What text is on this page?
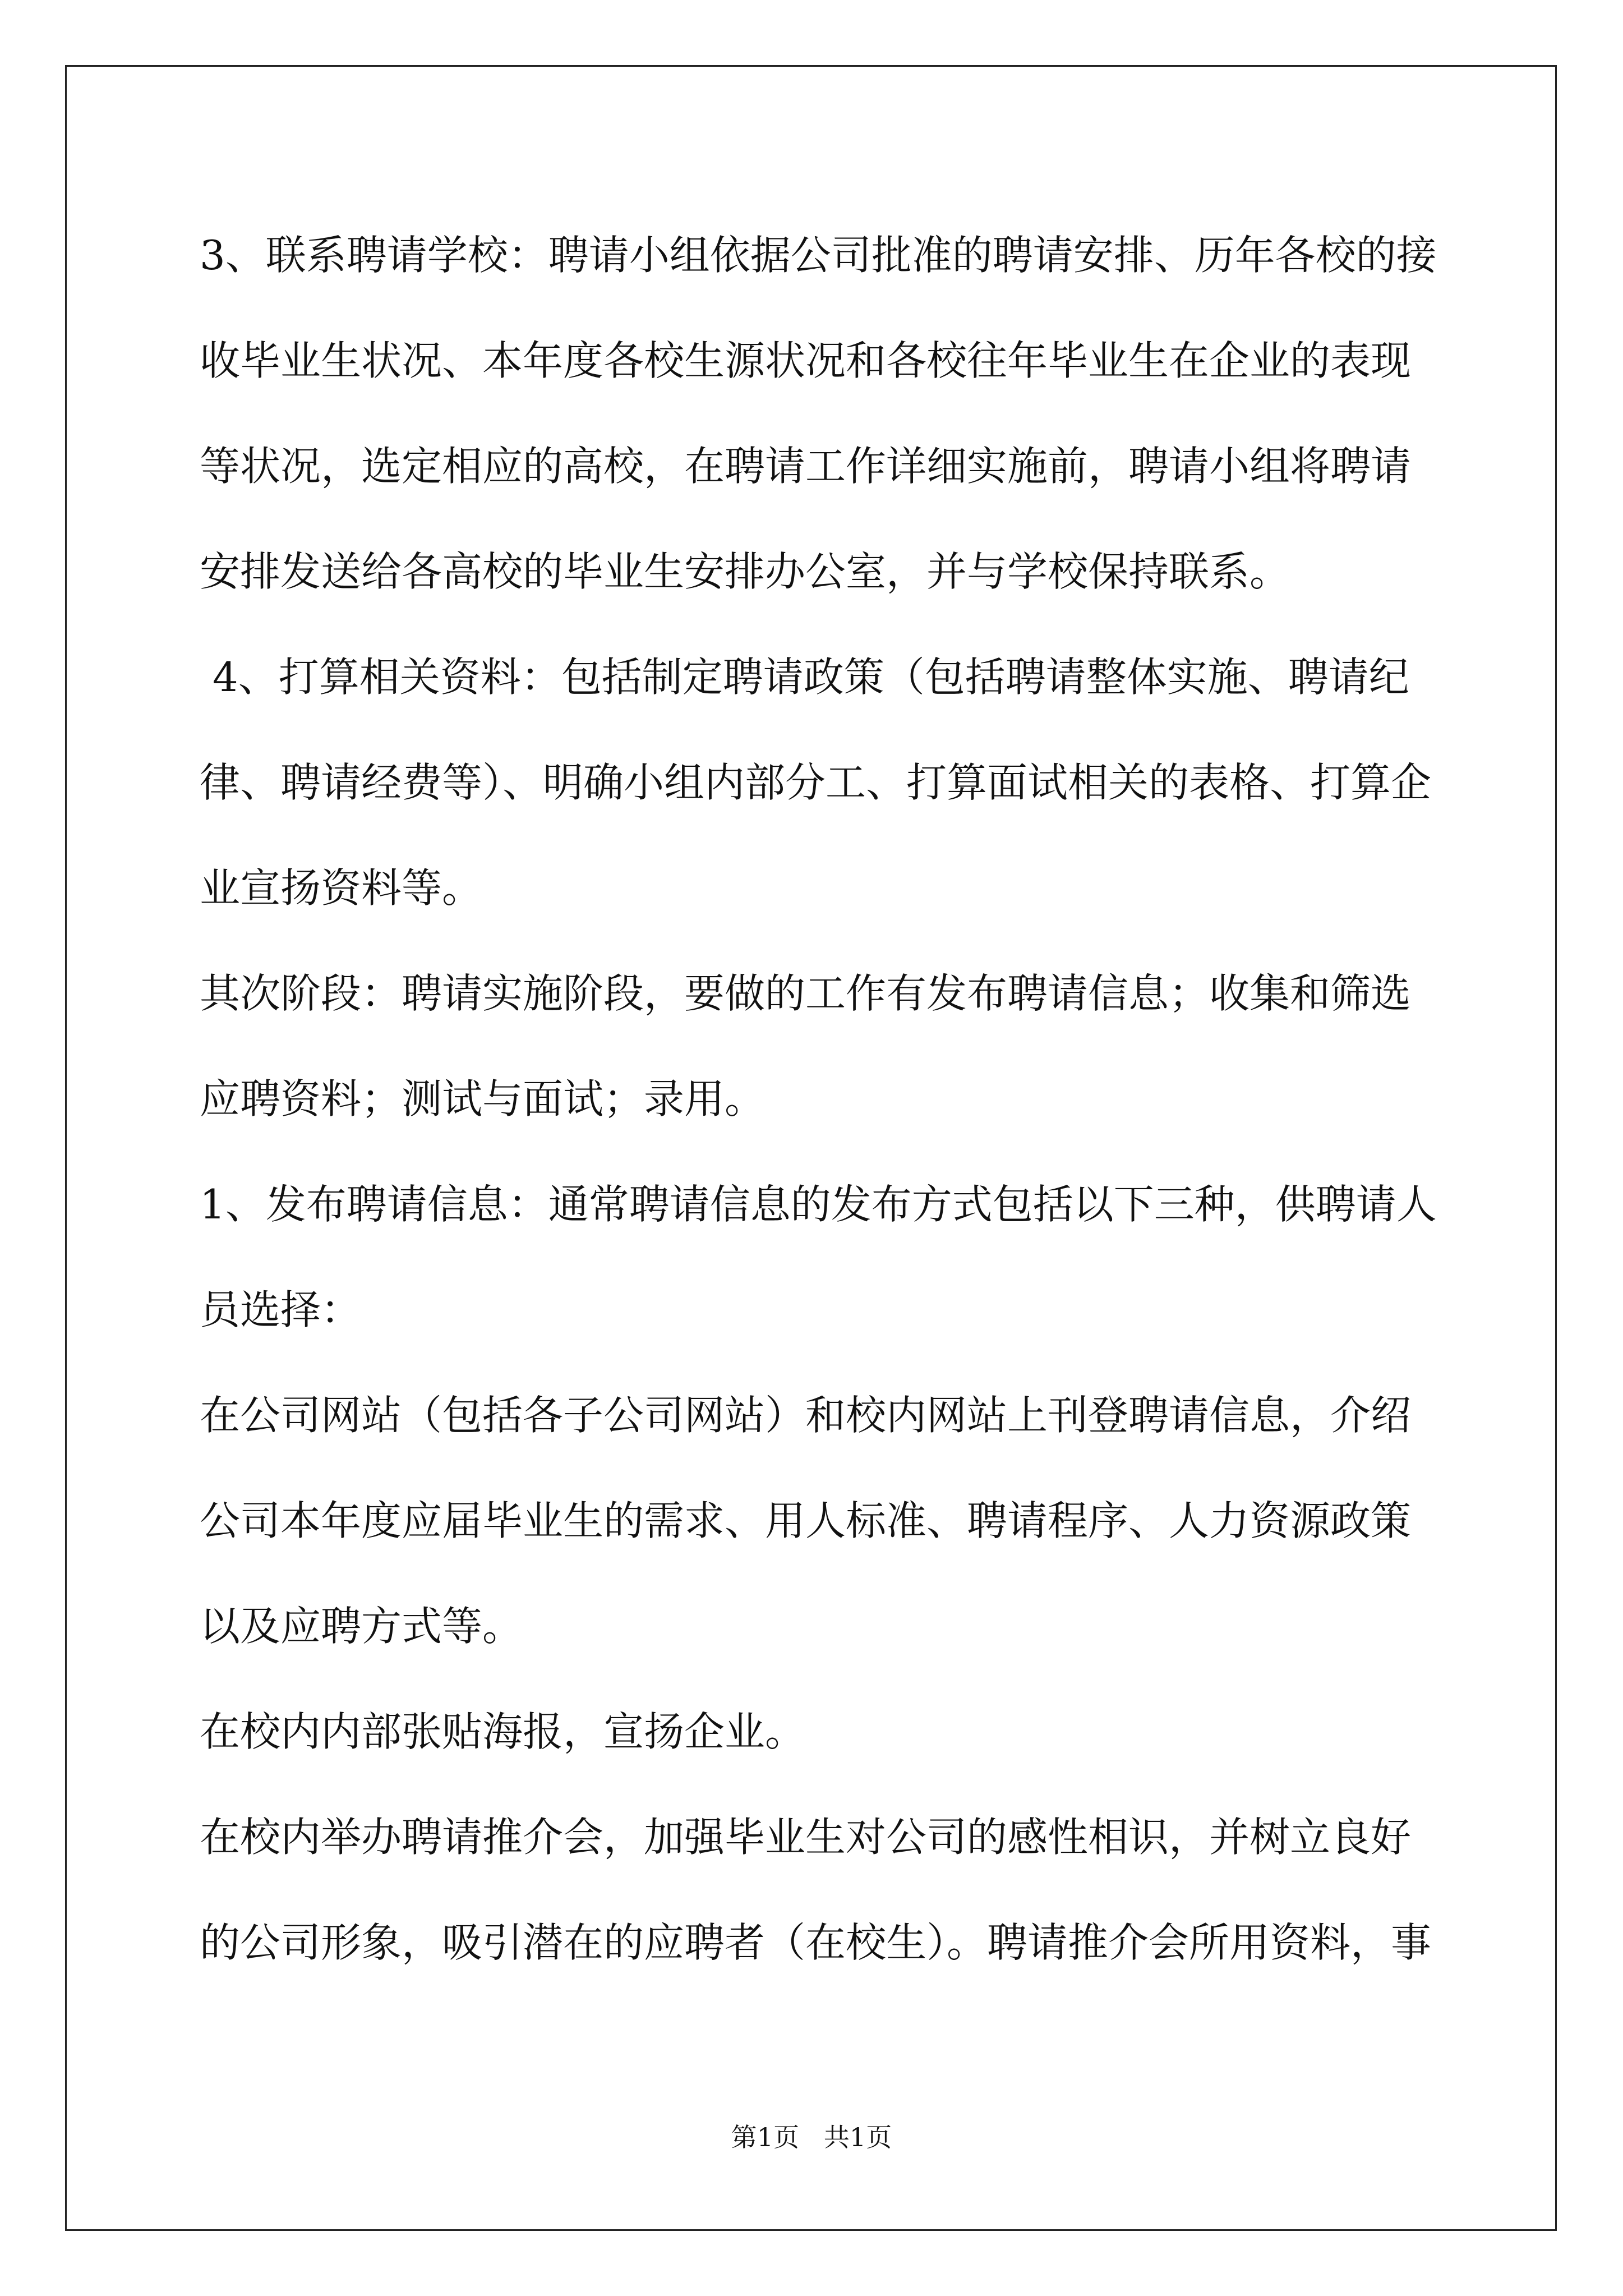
3、联系聘请学校：聘请小组依据公司批准的聘请安排、历年各校的接
收毕业生状况、本年度各校生源状况和各校往年毕业生在企业的表现
等状况，选定相应的高校，在聘请工作详细实施前，聘请小组将聘请
安排发送给各高校的毕业生安排办公室，并与学校保持联系。
4、打算相关资料：包括制定聘请政策（包括聘请整体实施、聘请纪
律、聘请经费等）、明确小组内部分工、打算面试相关的表格、打算企
业宣扬资料等。
其次阶段：聘请实施阶段，要做的工作有发布聘请信息；收集和筛选
应聘资料；测试与面试；录用。
1、发布聘请信息：通常聘请信息的发布方式包括以下三种，供聘请人
员选择：
在公司网站（包括各子公司网站）和校内网站上刊登聘请信息，介绍
公司本年度应届毕业生的需求、用人标准、聘请程序、人力资源政策
以及应聘方式等。
在校内内部张贴海报，宣扬企业。
在校内举办聘请推介会，加强毕业生对公司的感性相识，并树立良好
的公司形象，吸引潜在的应聘者（在校生）。聘请推介会所用资料，事
第1页   共1页
